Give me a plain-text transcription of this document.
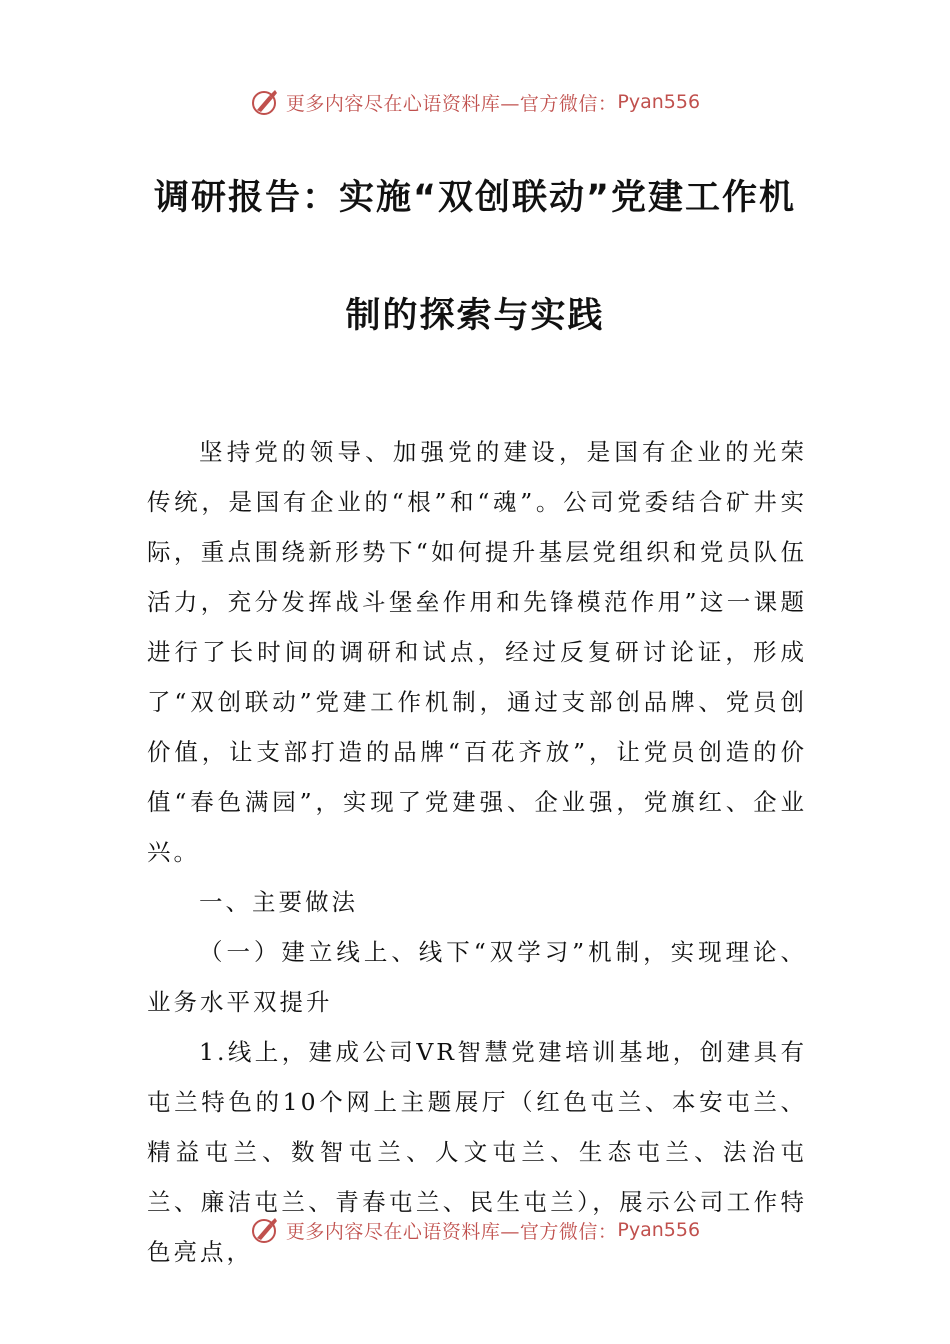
更多内容尽在心语资料库—官方微信： Pyan556
调研报告：实施“双创联动”党建工作机
制的探索与实践

坚持党的领导、加强党的建设，是国有企业的光荣传统，是国有企业的“根”和“魂”。公司党委结合矿井实际，重点围绕新形势下“如何提升基层党组织和党员队伍活力，充分发挥战斗堡垒作用和先锋模范作用”这一课题进行了长时间的调研和试点，经过反复研讨论证，形成了“双创联动”党建工作机制，通过支部创品牌、党员创价值，让支部打造的品牌“百花齐放”，让党员创造的价值“春色满园”，实现了党建强、企业强，党旗红、企业兴。

一、主要做法

（一）建立线上、线下“双学习”机制，实现理论、业务水平双提升

1.线上，建成公司VR智慧党建培训基地，创建具有屯兰特色的10个网上主题展厅（红色屯兰、本安屯兰、精益屯兰、数智屯兰、人文屯兰、生态屯兰、法治屯兰、廉洁屯兰、青春屯兰、民生屯兰），展示公司工作特色亮点，

更多内容尽在心语资料库—官方微信： Pyan556
